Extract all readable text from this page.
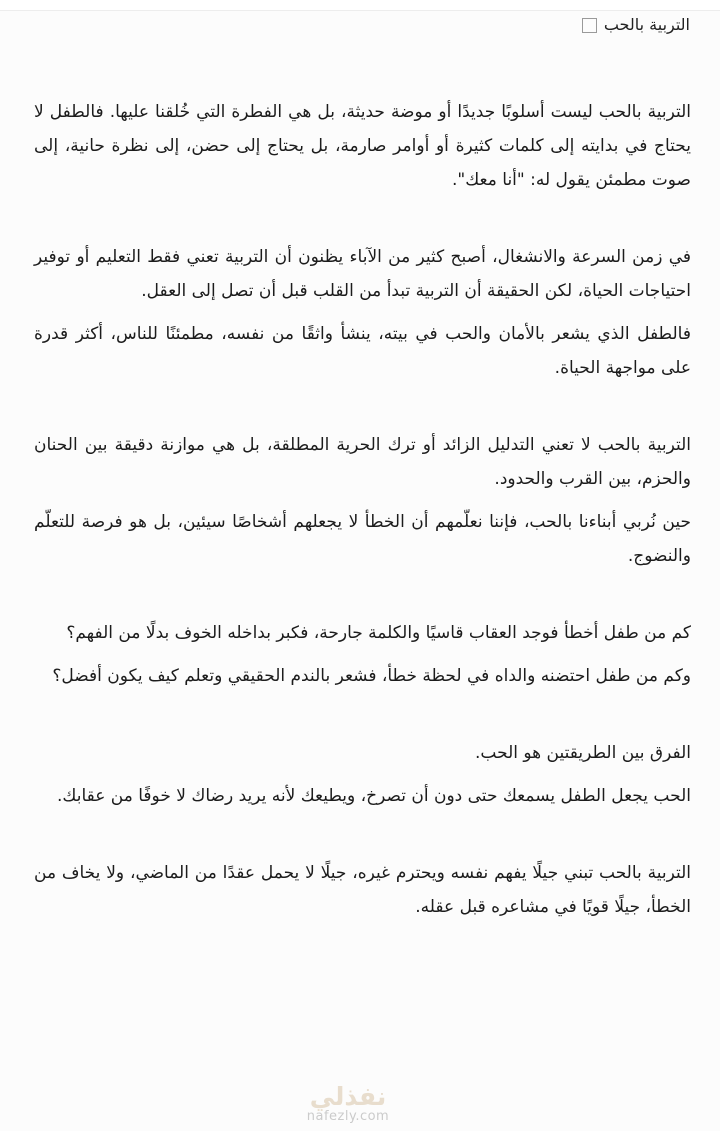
التربية بالحب

التربية بالحب ليست أسلوبًا جديدًا أو موضة حديثة، بل هي الفطرة التي خُلقنا عليها. فالطفل لا يحتاج في بدايته إلى كلمات كثيرة أو أوامر صارمة، بل يحتاج إلى حضن، إلى نظرة حانية، إلى صوت مطمئن يقول له: "أنا معك".

في زمن السرعة والانشغال، أصبح كثير من الآباء يظنون أن التربية تعني فقط التعليم أو توفير احتياجات الحياة، لكن الحقيقة أن التربية تبدأ من القلب قبل أن تصل إلى العقل.

فالطفل الذي يشعر بالأمان والحب في بيته، ينشأ واثقًا من نفسه، مطمئنًا للناس، أكثر قدرة على مواجهة الحياة.

التربية بالحب لا تعني التدليل الزائد أو ترك الحرية المطلقة، بل هي موازنة دقيقة بين الحنان والحزم، بين القرب والحدود.

حين نُربي أبناءنا بالحب، فإننا نعلّمهم أن الخطأ لا يجعلهم أشخاصًا سيئين، بل هو فرصة للتعلّم والنضوج.

كم من طفل أخطأ فوجد العقاب قاسيًا والكلمة جارحة، فكبر بداخله الخوف بدلًا من الفهم؟

وكم من طفل احتضنه والداه في لحظة خطأ، فشعر بالندم الحقيقي وتعلم كيف يكون أفضل؟

الفرق بين الطريقتين هو الحب.

الحب يجعل الطفل يسمعك حتى دون أن تصرخ، ويطيعك لأنه يريد رضاك لا خوفًا من عقابك.

التربية بالحب تبني جيلًا يفهم نفسه ويحترم غيره، جيلًا لا يحمل عقدًا من الماضي، ولا يخاف من الخطأ، جيلًا قويًا في مشاعره قبل عقله.

نفذلي
nafezly.com
